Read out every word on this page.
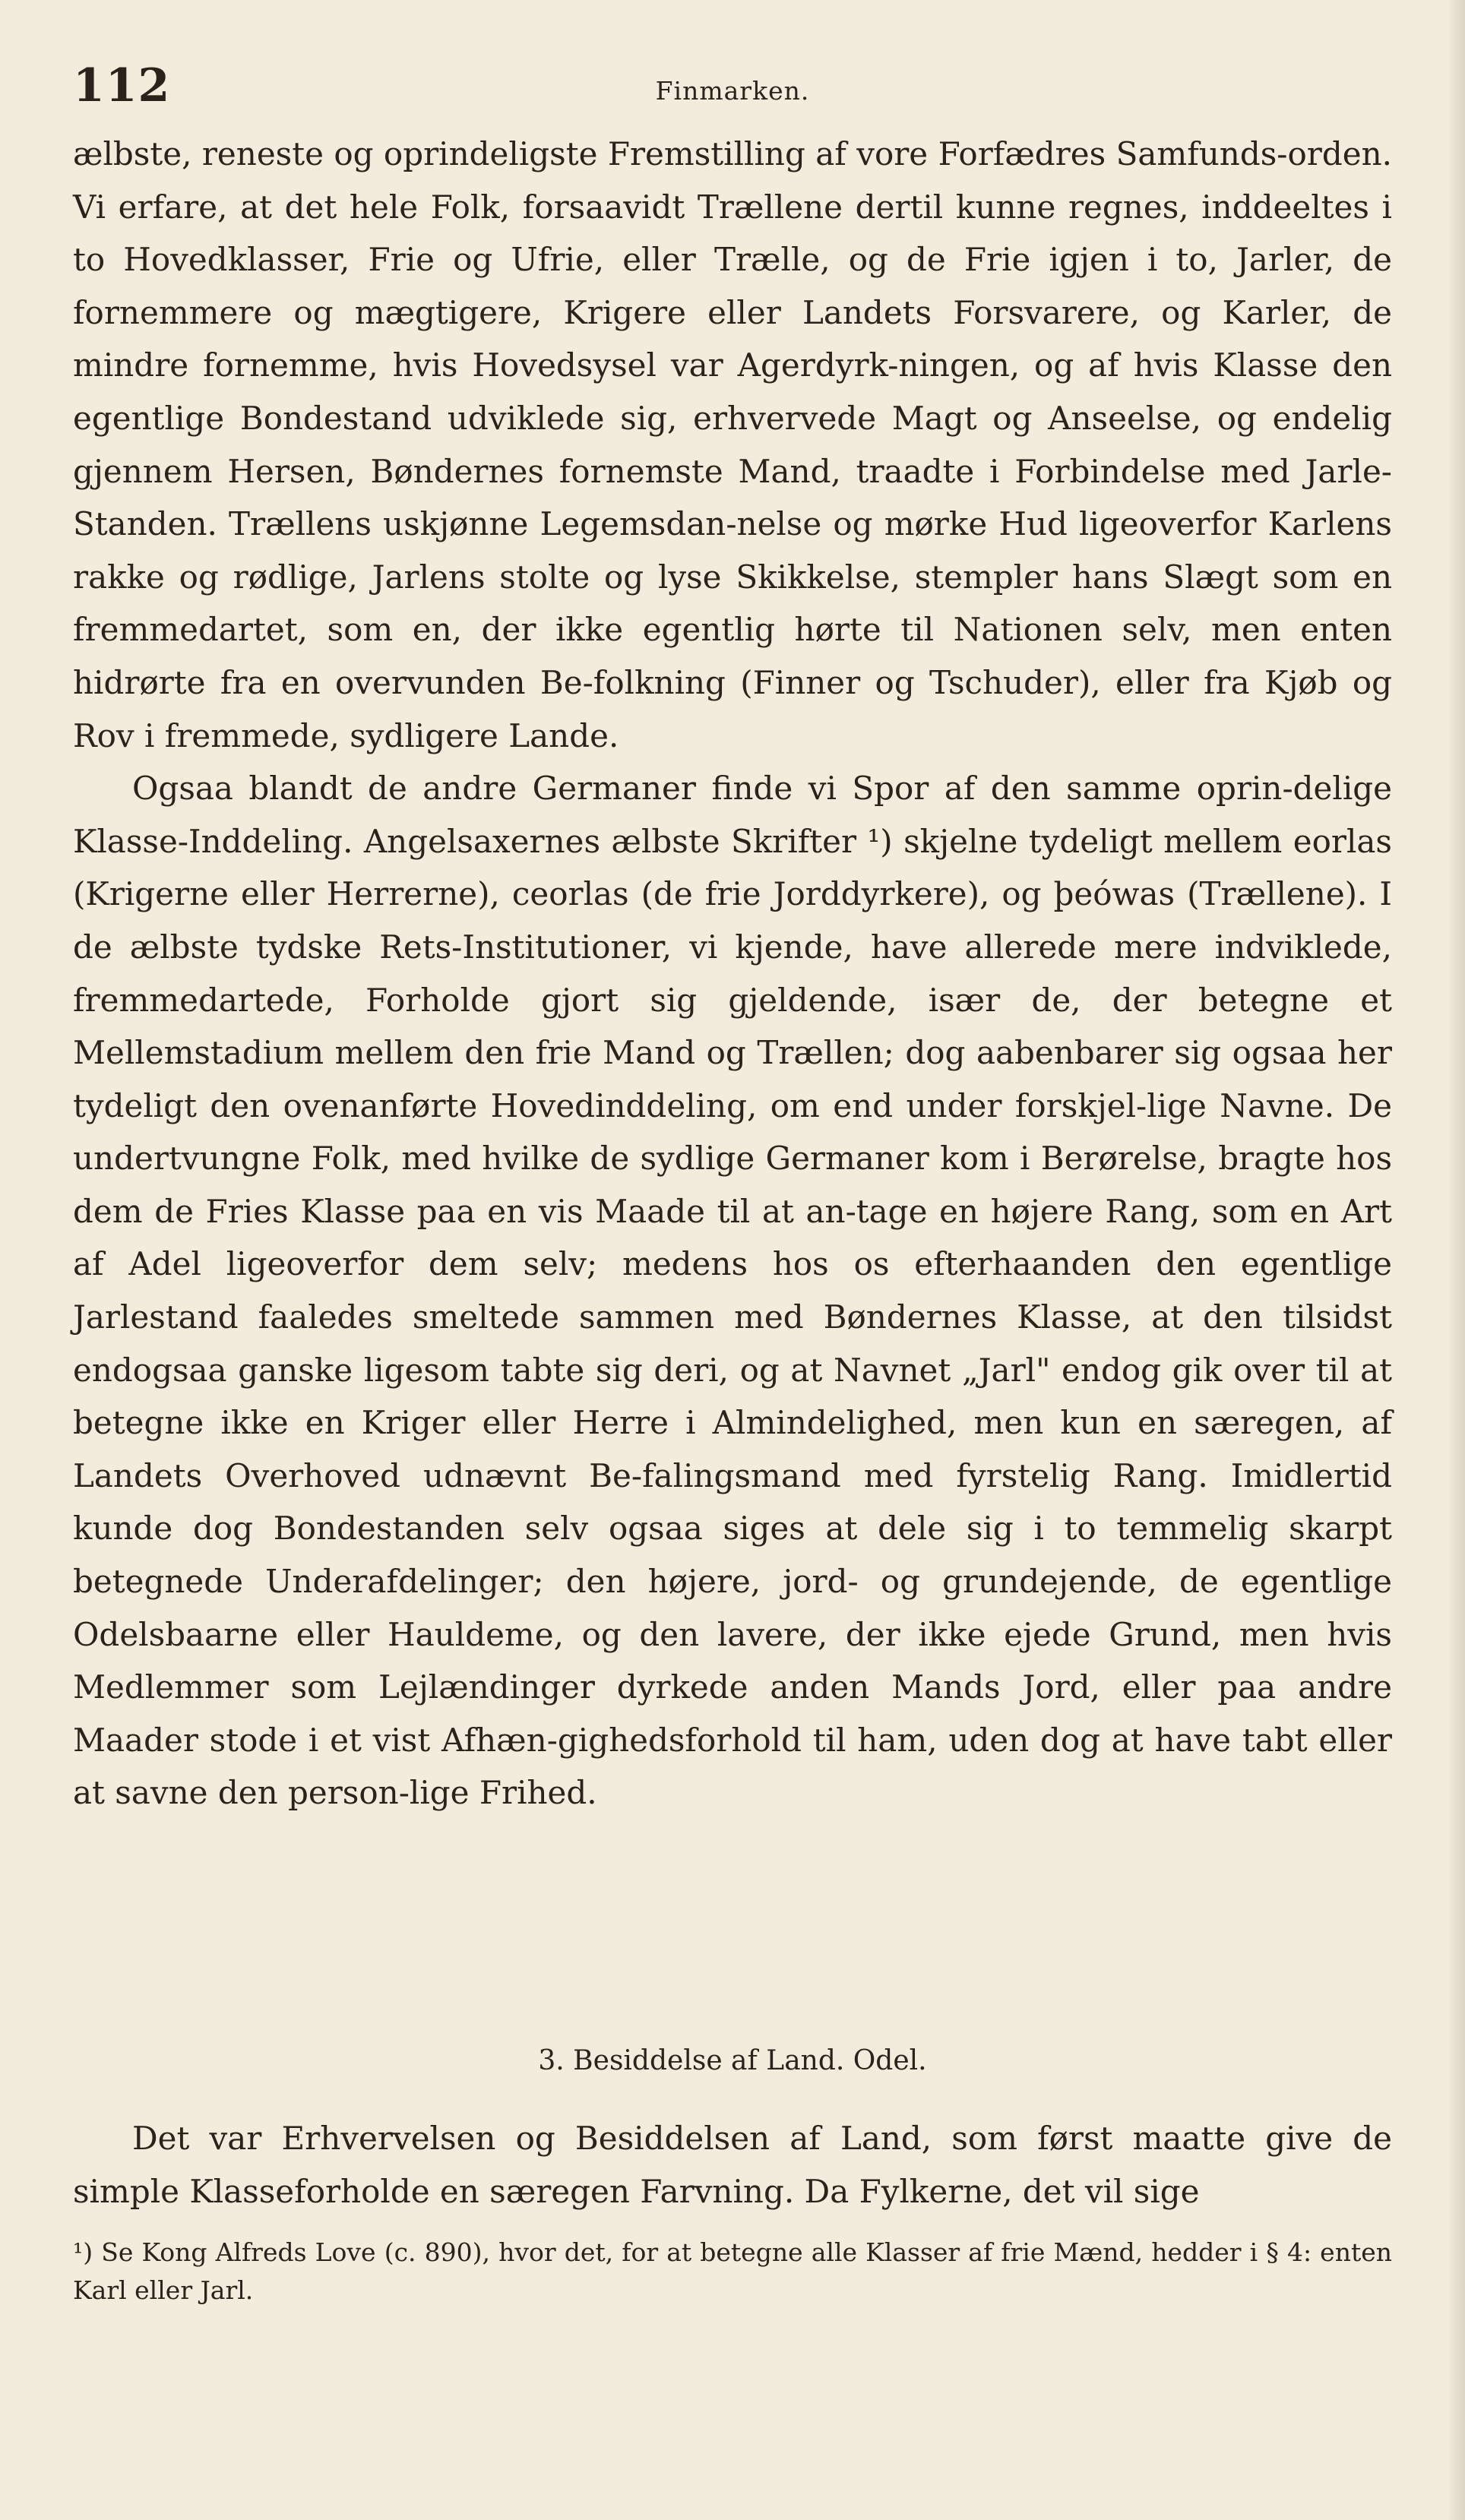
112	Finmarken.

ælbste, reneste og oprindeligste Fremstilling af vore Forfædres Samfunds-orden. Vi erfare, at det hele Folk, forsaavidt Trællene dertil kunne regnes, inddeeltes i to Hovedklasser, Frie og Ufrie, eller Trælle, og de Frie igjen i to, Jarler, de fornemmere og mægtigere, Krigere eller Landets Forsvarere, og Karler, de mindre fornemme, hvis Hovedsysel var Agerdyrk-ningen, og af hvis Klasse den egentlige Bondestand udviklede sig, erhvervede Magt og Anseelse, og endelig gjennem Hersen, Bøndernes fornemste Mand, traadte i Forbindelse med Jarle-Standen. Trællens uskjønne Legemsdan-nelse og mørke Hud ligeoverfor Karlens rakke og rødlige, Jarlens stolte og lyse Skikkelse, stempler hans Slægt som en fremmedartet, som en, der ikke egentlig hørte til Nationen selv, men enten hidrørte fra en overvunden Be-folkning (Finner og Tschuder), eller fra Kjøb og Rov i fremmede, sydligere Lande.

Ogsaa blandt de andre Germaner finde vi Spor af den samme oprin-delige Klasse-Inddeling. Angelsaxernes ælbste Skrifter ¹) skjelne tydeligt mellem eorlas (Krigerne eller Herrerne), ceorlas (de frie Jorddyrkere), og þeówas (Trællene). I de ælbste tydske Rets-Institutioner, vi kjende, have allerede mere indviklede, fremmedartede, Forholde gjort sig gjeldende, især de, der betegne et Mellemstadium mellem den frie Mand og Trællen; dog aabenbarer sig ogsaa her tydeligt den ovenanførte Hovedinddeling, om end under forskjel-lige Navne. De undertvungne Folk, med hvilke de sydlige Germaner kom i Berørelse, bragte hos dem de Fries Klasse paa en vis Maade til at an-tage en højere Rang, som en Art af Adel ligeoverfor dem selv; medens hos os efterhaanden den egentlige Jarlestand faaledes smeltede sammen med Bøndernes Klasse, at den tilsidst endogsaa ganske ligesom tabte sig deri, og at Navnet „Jarl" endog gik over til at betegne ikke en Kriger eller Herre i Almindelighed, men kun en særegen, af Landets Overhoved udnævnt Be-falingsmand med fyrstelig Rang. Imidlertid kunde dog Bondestanden selv ogsaa siges at dele sig i to temmelig skarpt betegnede Underafdelinger; den højere, jord- og grundejende, de egentlige Odelsbaarne eller Hauldeme, og den lavere, der ikke ejede Grund, men hvis Medlemmer som Lejlændinger dyrkede anden Mands Jord, eller paa andre Maader stode i et vist Afhæn-gighedsforhold til ham, uden dog at have tabt eller at savne den person-lige Frihed.

3. Besiddelse af Land. Odel.

Det var Erhvervelsen og Besiddelsen af Land, som først maatte give de simple Klasseforholde en særegen Farvning. Da Fylkerne, det vil sige

¹) Se Kong Alfreds Love (c. 890), hvor det, for at betegne alle Klasser af frie Mænd, hedder i § 4: enten Karl eller Jarl.
